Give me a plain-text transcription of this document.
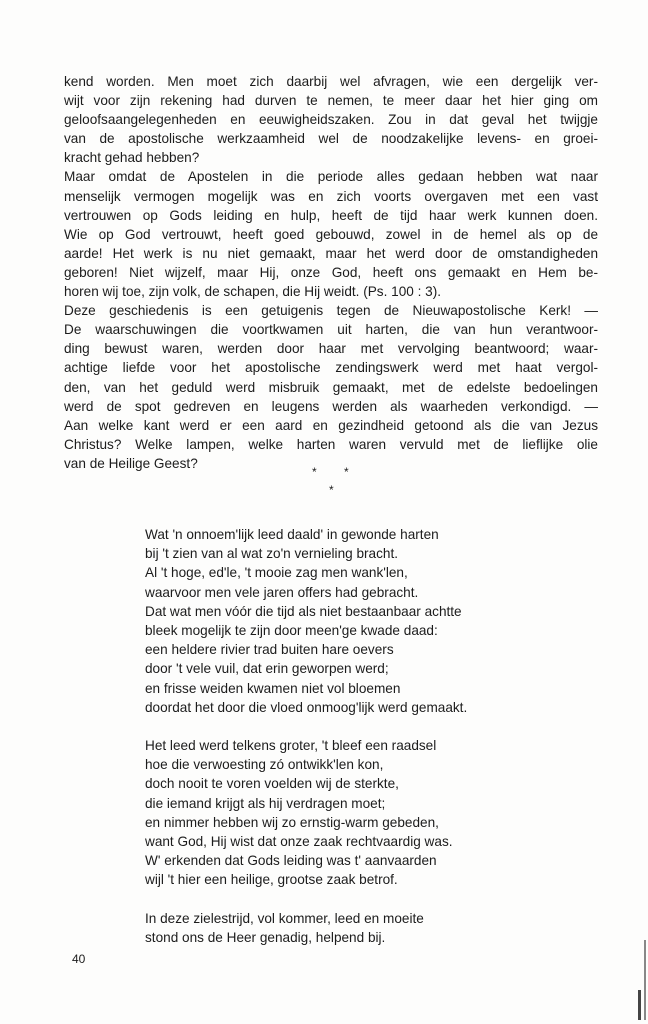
kend worden. Men moet zich daarbij wel afvragen, wie een dergelijk ver-
wijt voor zijn rekening had durven te nemen, te meer daar het hier ging om
geloofsaangelegenheden en eeuwigheidszaken. Zou in dat geval het twijgje
van de apostolische werkzaamheid wel de noodzakelijke levens- en groei-
kracht gehad hebben?
Maar omdat de Apostelen in die periode alles gedaan hebben wat naar
menselijk vermogen mogelijk was en zich voorts overgaven met een vast
vertrouwen op Gods leiding en hulp, heeft de tijd haar werk kunnen doen.
Wie op God vertrouwt, heeft goed gebouwd, zowel in de hemel als op de
aarde! Het werk is nu niet gemaakt, maar het werd door de omstandigheden
geboren! Niet wijzelf, maar Hij, onze God, heeft ons gemaakt en Hem be-
horen wij toe, zijn volk, de schapen, die Hij weidt. (Ps. 100 : 3).
Deze geschiedenis is een getuigenis tegen de Nieuwapostolische Kerk! —
De waarschuwingen die voortkwamen uit harten, die van hun verantwoor-
ding bewust waren, werden door haar met vervolging beantwoord; waar-
achtige liefde voor het apostolische zendingswerk werd met haat vergol-
den, van het geduld werd misbruik gemaakt, met de edelste bedoelingen
werd de spot gedreven en leugens werden als waarheden verkondigd. —
Aan welke kant werd er een aard en gezindheid getoond als die van Jezus
Christus? Welke lampen, welke harten waren vervuld met de lieflijke olie
van de Heilige Geest?
* *
*
Wat 'n onnoem'lijk leed daald' in gewonde harten
bij 't zien van al wat zo'n vernieling bracht.
Al 't hoge, ed'le, 't mooie zag men wank'len,
waarvoor men vele jaren offers had gebracht.
Dat wat men vóór die tijd als niet bestaanbaar achtte
bleek mogelijk te zijn door meen'ge kwade daad:
een heldere rivier trad buiten hare oevers
door 't vele vuil, dat erin geworpen werd;
en frisse weiden kwamen niet vol bloemen
doordat het door die vloed onmoog'lijk werd gemaakt.
Het leed werd telkens groter, 't bleef een raadsel
hoe die verwoesting zó ontwikk'len kon,
doch nooit te voren voelden wij de sterkte,
die iemand krijgt als hij verdragen moet;
en nimmer hebben wij zo ernstig-warm gebeden,
want God, Hij wist dat onze zaak rechtvaardig was.
W' erkenden dat Gods leiding was t' aanvaarden
wijl 't hier een heilige, grootse zaak betrof.
In deze zielestrijd, vol kommer, leed en moeite
stond ons de Heer genadig, helpend bij.
40
